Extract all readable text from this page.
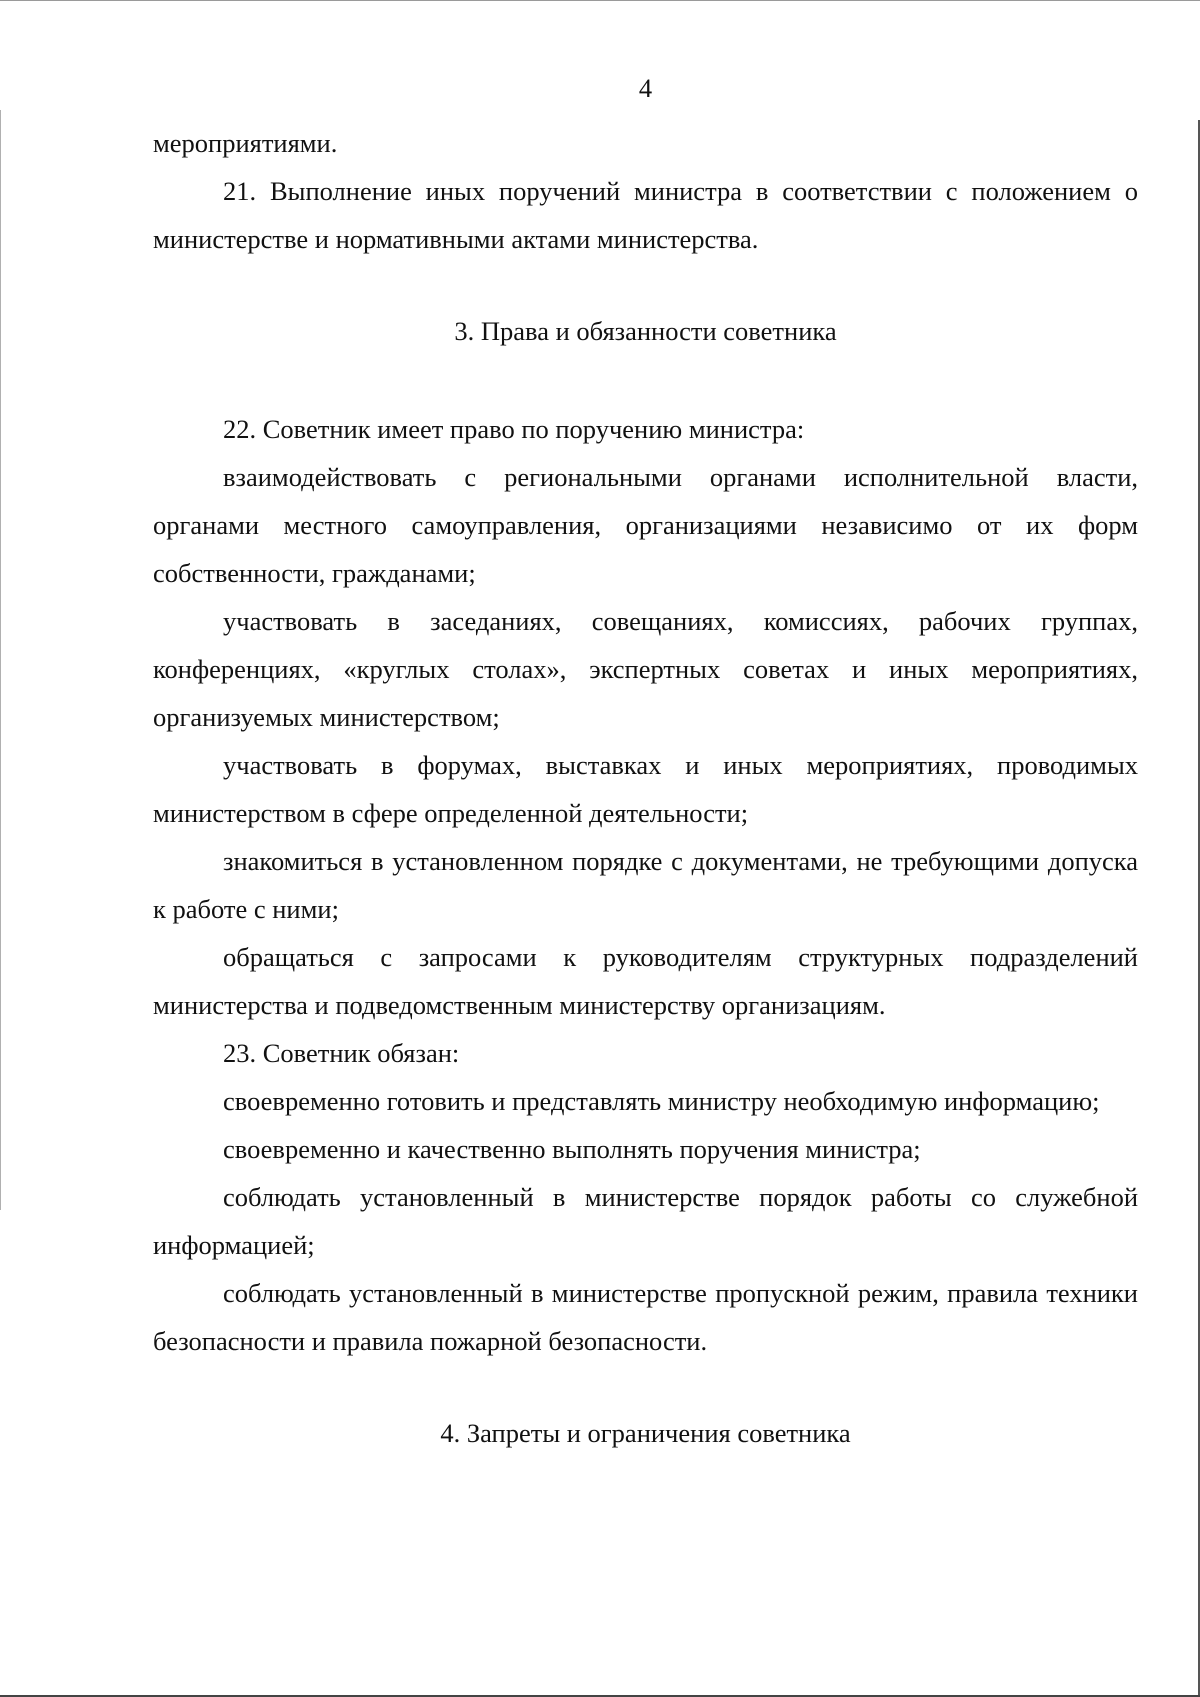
4

мероприятиями.

21. Выполнение иных поручений министра в соответствии с положением о министерстве и нормативными актами министерства.

3. Права и обязанности советника

22. Советник имеет право по поручению министра:

взаимодействовать с региональными органами исполнительной власти, органами местного самоуправления, организациями независимо от их форм собственности, гражданами;

участвовать в заседаниях, совещаниях, комиссиях, рабочих группах, конференциях, «круглых столах», экспертных советах и иных мероприятиях, организуемых министерством;

участвовать в форумах, выставках и иных мероприятиях, проводимых министерством в сфере определенной деятельности;

знакомиться в установленном порядке с документами, не требующими допуска к работе с ними;

обращаться с запросами к руководителям структурных подразделений министерства и подведомственным министерству организациям.

23. Советник обязан:

своевременно готовить и представлять министру необходимую информацию;

своевременно и качественно выполнять поручения министра;

соблюдать установленный в министерстве порядок работы со служебной информацией;

соблюдать установленный в министерстве пропускной режим, правила техники безопасности и правила пожарной безопасности.

4. Запреты и ограничения советника
